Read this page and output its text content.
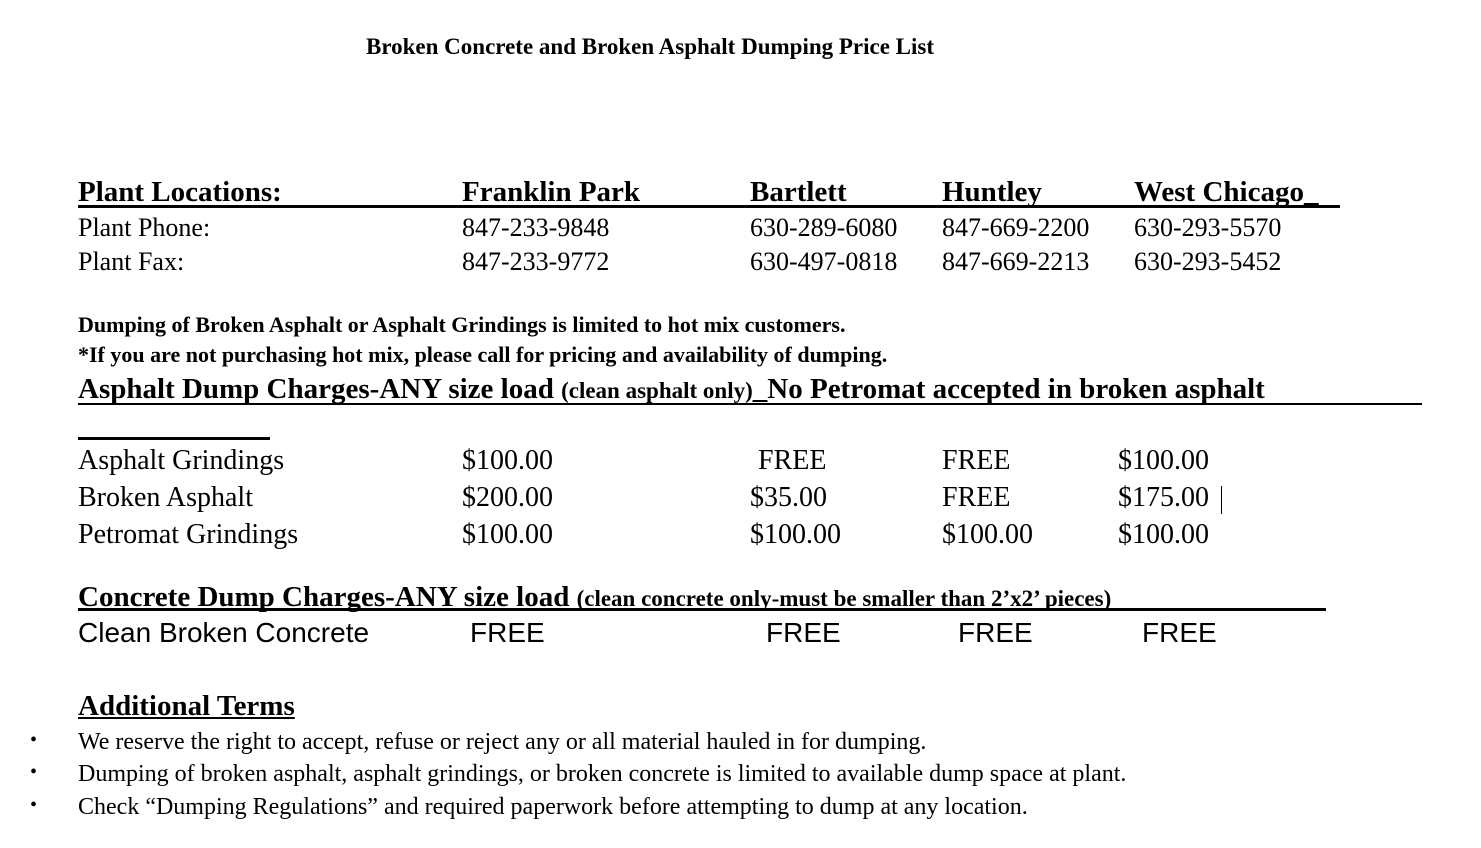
Broken Concrete and Broken Asphalt Dumping Price List
Plant Locations:	Franklin Park	Bartlett	Huntley	West Chicago_
Plant Phone:	847-233-9848	630-289-6080 847-669-2200 630-293-5570
Plant Fax:	847-233-9772	630-497-0818 847-669-2213 630-293-5452
Dumping of Broken Asphalt or Asphalt Grindings is limited to hot mix customers.
*If you are not purchasing hot mix, please call for pricing and availability of dumping.
Asphalt Dump Charges-ANY size load (clean asphalt only)_No Petromat accepted in broken asphalt
Asphalt Grindings	$100.00	FREE	FREE	$100.00
Broken Asphalt	$200.00	$35.00	FREE	$175.00
Petromat Grindings	$100.00	$100.00	$100.00	$100.00
Concrete Dump Charges-ANY size load (clean concrete only-must be smaller than 2’x2’ pieces)
Clean Broken Concrete	FREE	FREE	FREE	FREE
Additional Terms
• We reserve the right to accept, refuse or reject any or all material hauled in for dumping.
• Dumping of broken asphalt, asphalt grindings, or broken concrete is limited to available dump space at plant.
• Check “Dumping Regulations” and required paperwork before attempting to dump at any location.
